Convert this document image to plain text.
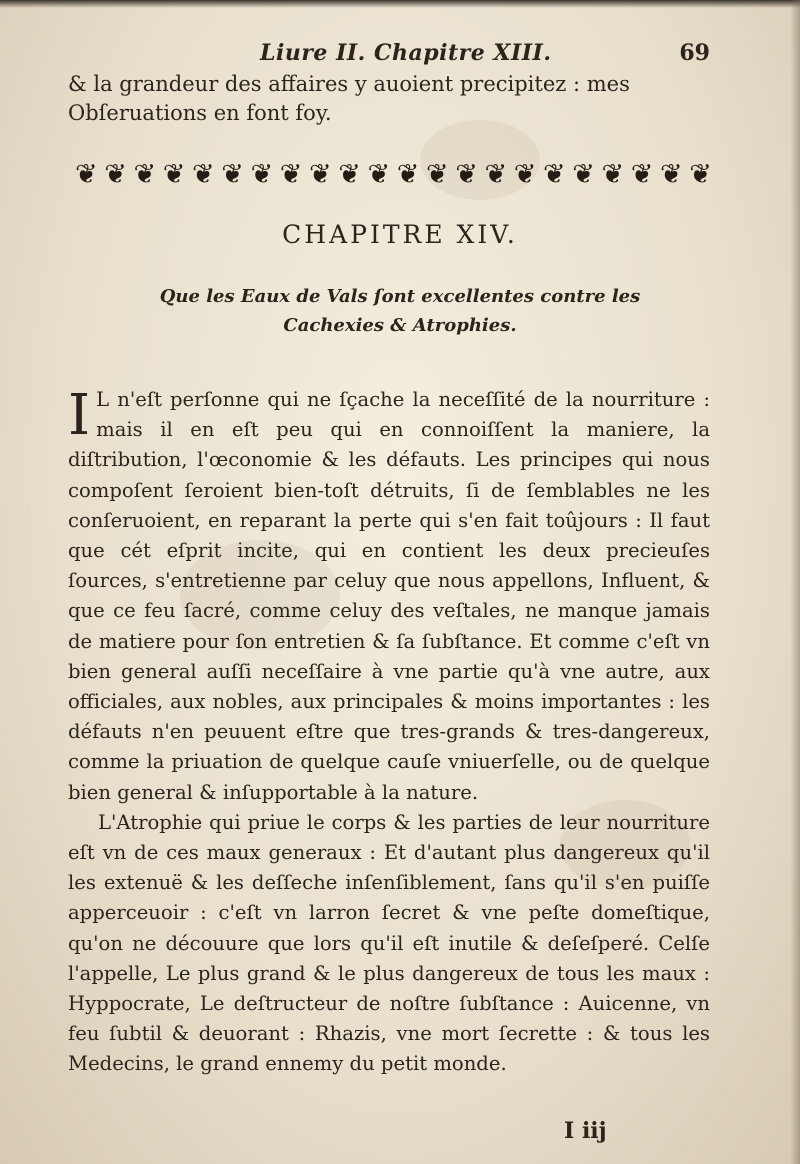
Liure II. Chapitre XIII.	69
& la grandeur des affaires y auoient precipitez : mes Obſeruations en font foy.
❦ ❦ ❦ ❦ ❦ ❦ ❦ ❦ ❦ ❦ ❦ ❦ ❦ ❦ ❦ ❦ ❦ ❦ ❦ ❦ ❦ ❦
CHAPITRE XIV.
Que les Eaux de Vals ſont excellentes contre les Cachexies & Atrophies.

I L n'eſt perſonne qui ne ſçache la neceſſité de la nourriture : mais il en eſt peu qui en connoiſſent la maniere, la diſtribution, l'œconomie & les défauts. Les principes qui nous compoſent ſeroient bien-toſt détruits, ſi de ſemblables ne les conſeruoient, en reparant la perte qui s'en fait toûjours : Il faut que cét eſprit incite, qui en contient les deux precieuſes ſources, s'entretienne par celuy que nous appellons, Influent, & que ce feu ſacré, comme celuy des veſtales, ne manque jamais de matiere pour ſon entretien & ſa ſubſtance. Et comme c'eſt vn bien general auſſi neceſſaire à vne partie qu'à vne autre, aux officiales, aux nobles, aux principales & moins importantes : les défauts n'en peuuent eſtre que tres-grands & tres-dangereux, comme la priuation de quelque cauſe vniuerſelle, ou de quelque bien general & inſupportable à la nature.

L'Atrophie qui priue le corps & les parties de leur nourriture eſt vn de ces maux generaux : Et d'autant plus dangereux qu'il les extenuë & les deſſeche inſenſiblement, ſans qu'il s'en puiſſe apperceuoir : c'eſt vn larron ſecret & vne peſte domeſtique, qu'on ne découure que lors qu'il eſt inutile & deſeſperé. Celſe l'appelle, Le plus grand & le plus dangereux de tous les maux : Hyppocrate, Le deſtructeur de noſtre ſubſtance : Auicenne, vn feu ſubtil & deuorant : Rhazis, vne mort ſecrette : & tous les Medecins, le grand ennemy du petit monde.

I iij
